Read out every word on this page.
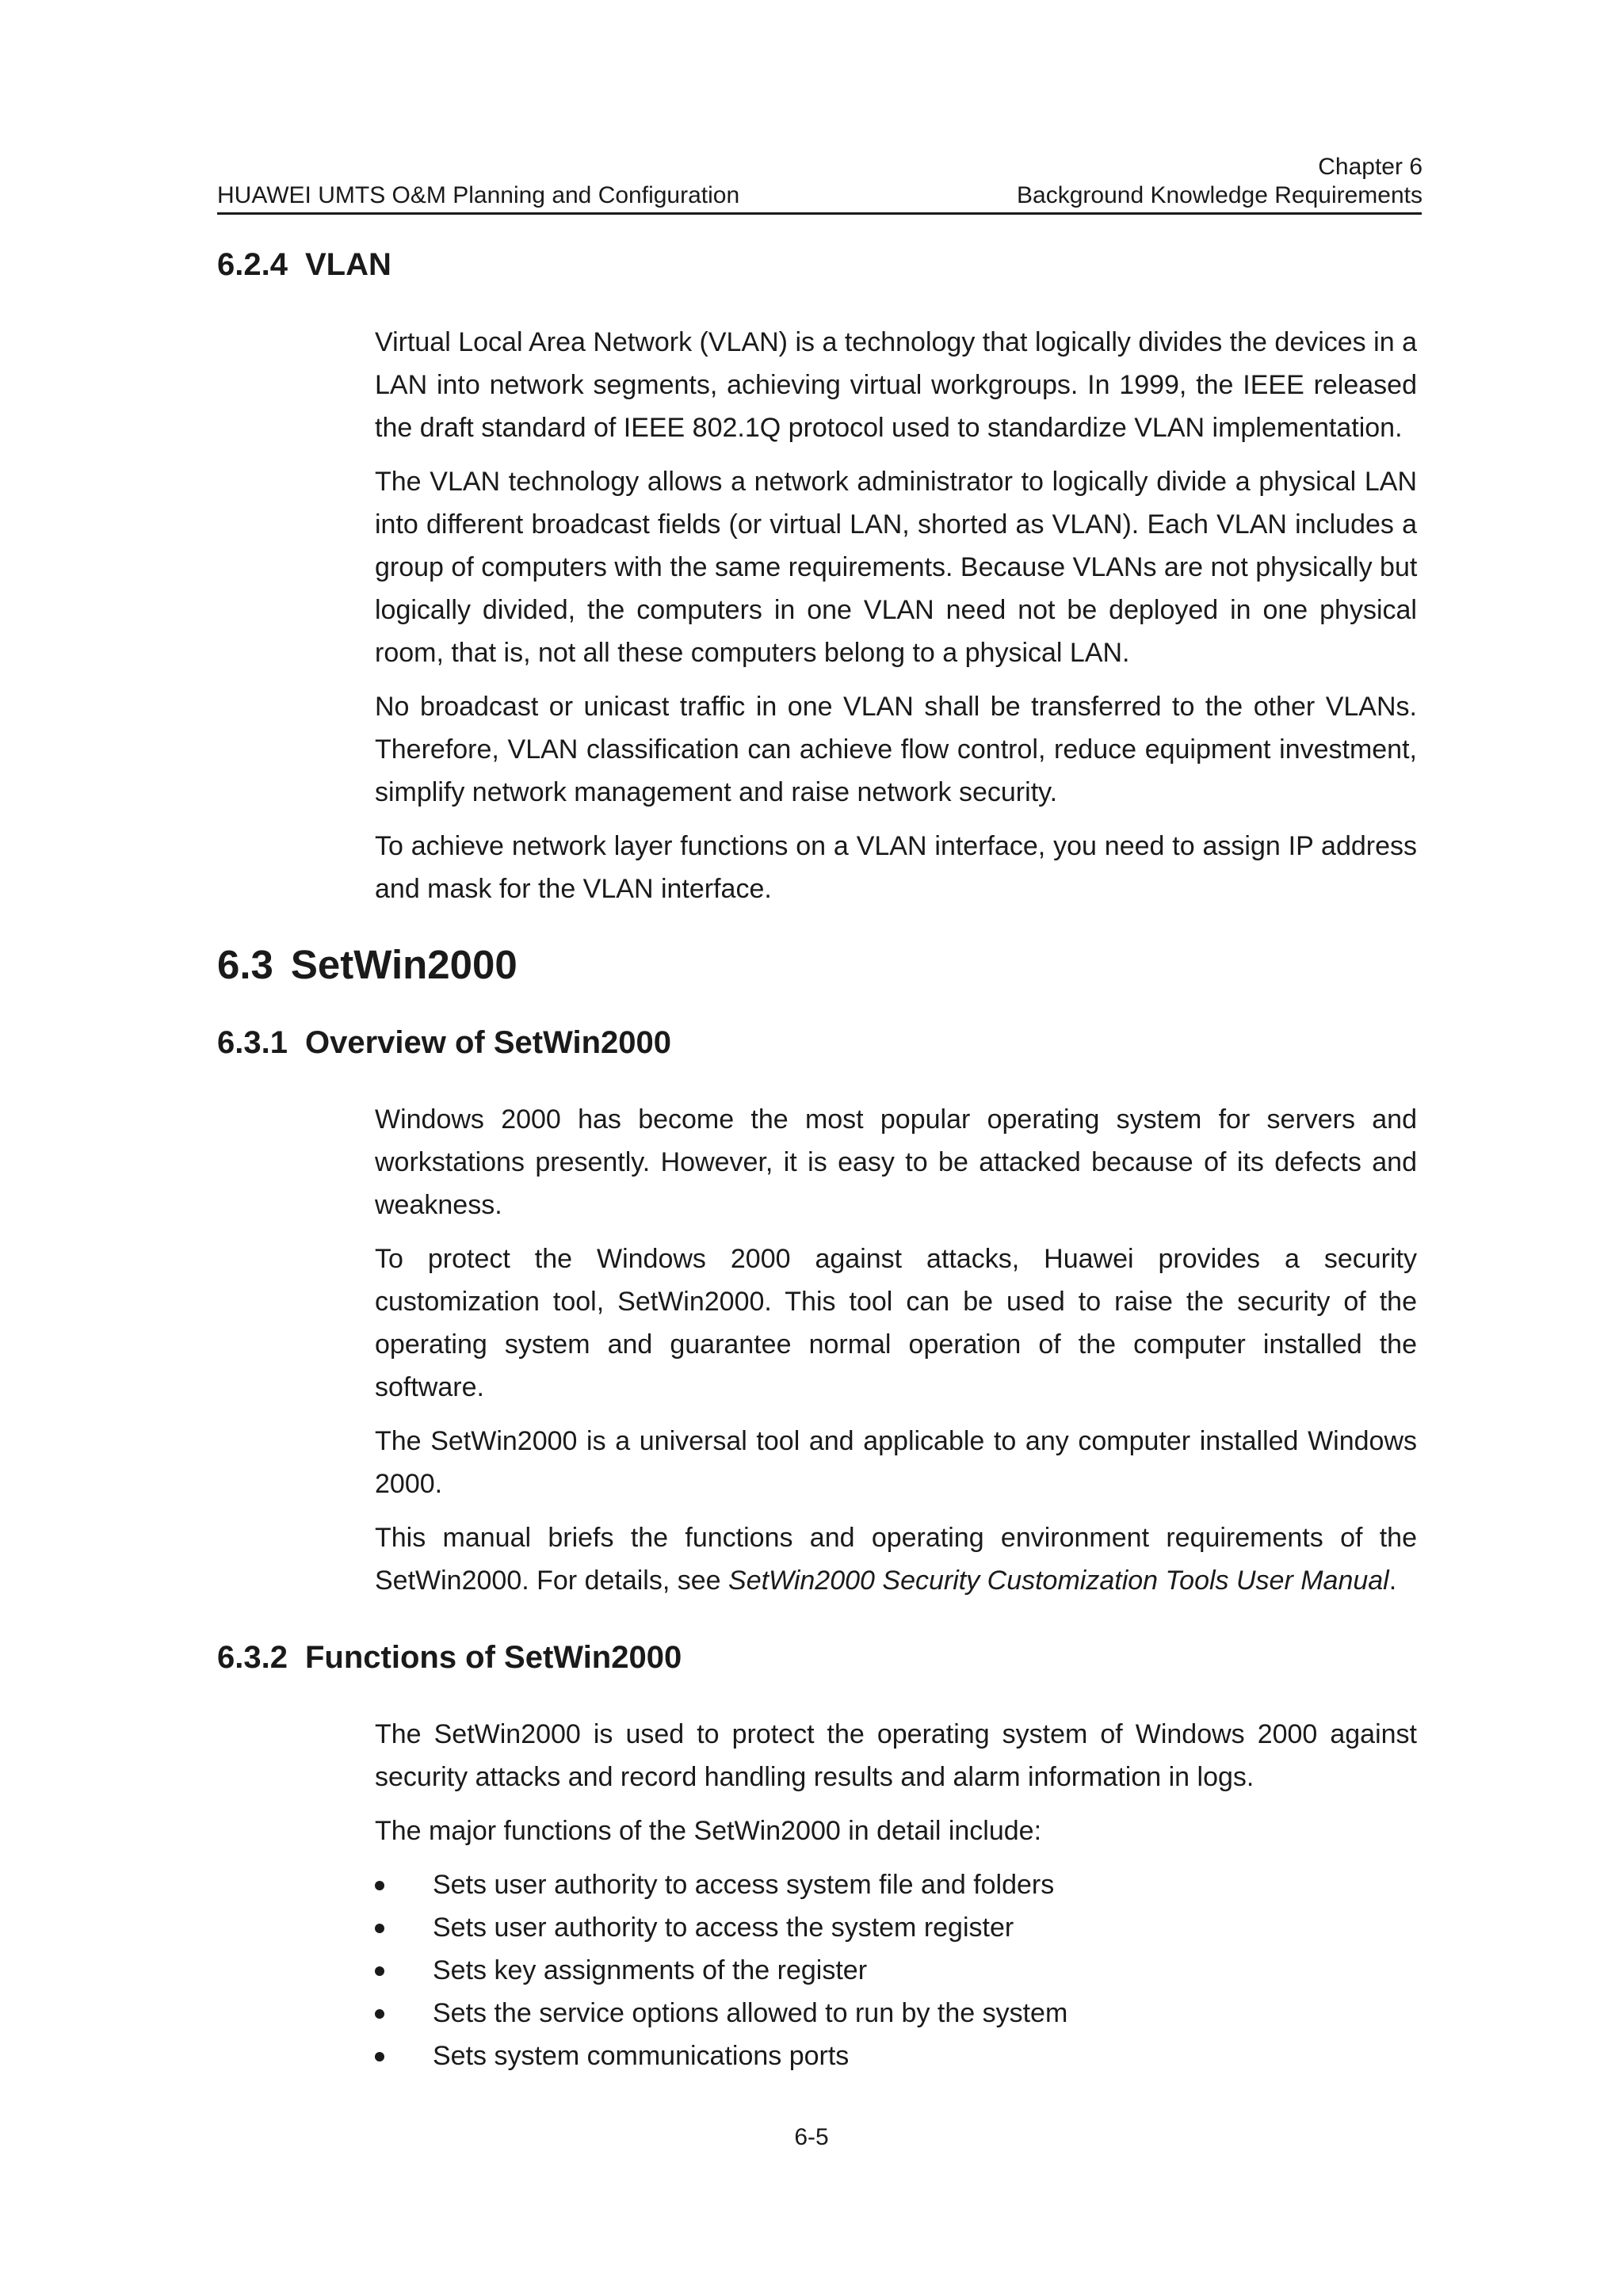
Chapter 6
HUAWEI UMTS O&M Planning and Configuration	Background Knowledge Requirements
6.2.4 VLAN

Virtual Local Area Network (VLAN) is a technology that logically divides the devices in a
LAN into network segments, achieving virtual workgroups. In 1999, the IEEE released
the draft standard of IEEE 802.1Q protocol used to standardize VLAN implementation.

The VLAN technology allows a network administrator to logically divide a physical LAN
into different broadcast fields (or virtual LAN, shorted as VLAN). Each VLAN includes a
group of computers with the same requirements. Because VLANs are not physically but
logically divided, the computers in one VLAN need not be deployed in one physical
room, that is, not all these computers belong to a physical LAN.

No broadcast or unicast traffic in one VLAN shall be transferred to the other VLANs.
Therefore, VLAN classification can achieve flow control, reduce equipment investment,
simplify network management and raise network security.

To achieve network layer functions on a VLAN interface, you need to assign IP address
and mask for the VLAN interface.

6.3 SetWin2000
6.3.1 Overview of SetWin2000

Windows 2000 has become the most popular operating system for servers and
workstations presently. However, it is easy to be attacked because of its defects and
weakness.

To protect the Windows 2000 against attacks, Huawei provides a security
customization tool, SetWin2000. This tool can be used to raise the security of the
operating system and guarantee normal operation of the computer installed the
software.

The SetWin2000 is a universal tool and applicable to any computer installed Windows
2000.

This manual briefs the functions and operating environment requirements of the
SetWin2000. For details, see SetWin2000 Security Customization Tools User Manual.

6.3.2 Functions of SetWin2000

The SetWin2000 is used to protect the operating system of Windows 2000 against
security attacks and record handling results and alarm information in logs.

The major functions of the SetWin2000 in detail include:

Sets user authority to access system file and folders
Sets user authority to access the system register
Sets key assignments of the register
Sets the service options allowed to run by the system
Sets system communications ports
6-5
